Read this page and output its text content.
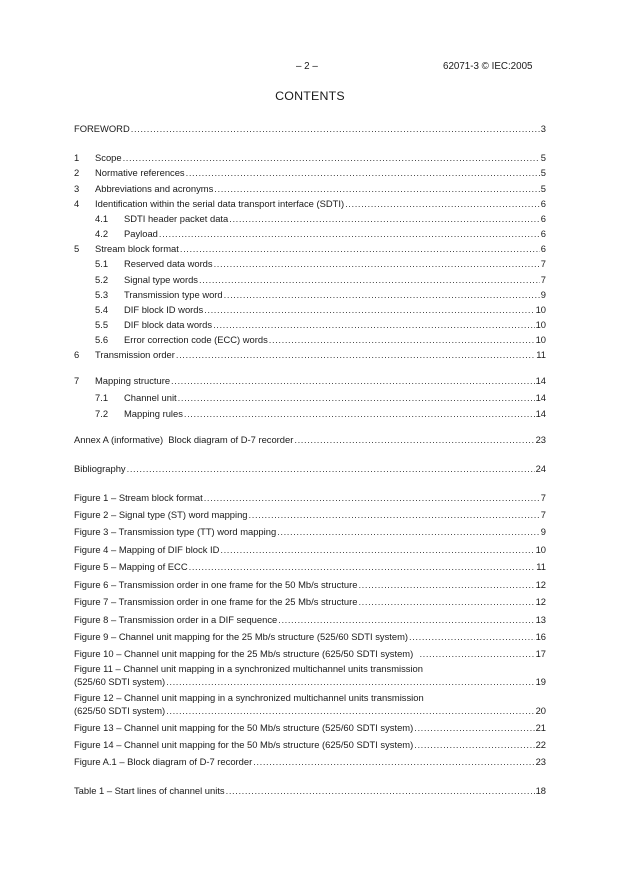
– 2 –	62071-3 © IEC:2005
CONTENTS
FOREWORD .....	3
1	Scope .....	5
2	Normative references .....	5
3	Abbreviations and acronyms .....	5
4	Identification within the serial data transport interface (SDTI) .....	6
4.1	SDTI header packet data .....	6
4.2	Payload .....	6
5	Stream block format .....	6
5.1	Reserved data words .....	7
5.2	Signal type words .....	7
5.3	Transmission type word .....	9
5.4	DIF block ID words .....	10
5.5	DIF block data words .....	10
5.6	Error correction code (ECC) words .....	10
6	Transmission order .....	11
7	Mapping structure .....	14
7.1	Channel unit .....	14
7.2	Mapping rules .....	14
Annex A (informative)  Block diagram of D-7 recorder .....	23
Bibliography .....	24
Figure 1 – Stream block format .....	7
Figure 2 – Signal type (ST) word mapping .....	7
Figure 3 – Transmission type (TT) word mapping .....	9
Figure 4 – Mapping of DIF block ID .....	10
Figure 5 – Mapping of ECC .....	11
Figure 6 – Transmission order in one frame for the 50 Mb/s structure .....	12
Figure 7 – Transmission order in one frame for the 25 Mb/s structure .....	12
Figure 8 – Transmission order in a DIF sequence .....	13
Figure 9 – Channel unit mapping for the 25 Mb/s structure (525/60 SDTI system) .....	16
Figure 10 – Channel unit mapping for the 25 Mb/s structure (625/50 SDTI system) .....	17
Figure 11 – Channel unit mapping in a synchronized multichannel units transmission
(525/60 SDTI system) .....	19
Figure 12 – Channel unit mapping in a synchronized multichannel units transmission
(625/50 SDTI system) .....	20
Figure 13 – Channel unit mapping for the 50 Mb/s structure (525/60 SDTI system) .....	21
Figure 14 – Channel unit mapping for the 50 Mb/s structure (625/50 SDTI system) .....	22
Figure A.1 – Block diagram of D-7 recorder .....	23
Table 1 – Start lines of channel units .....	18
